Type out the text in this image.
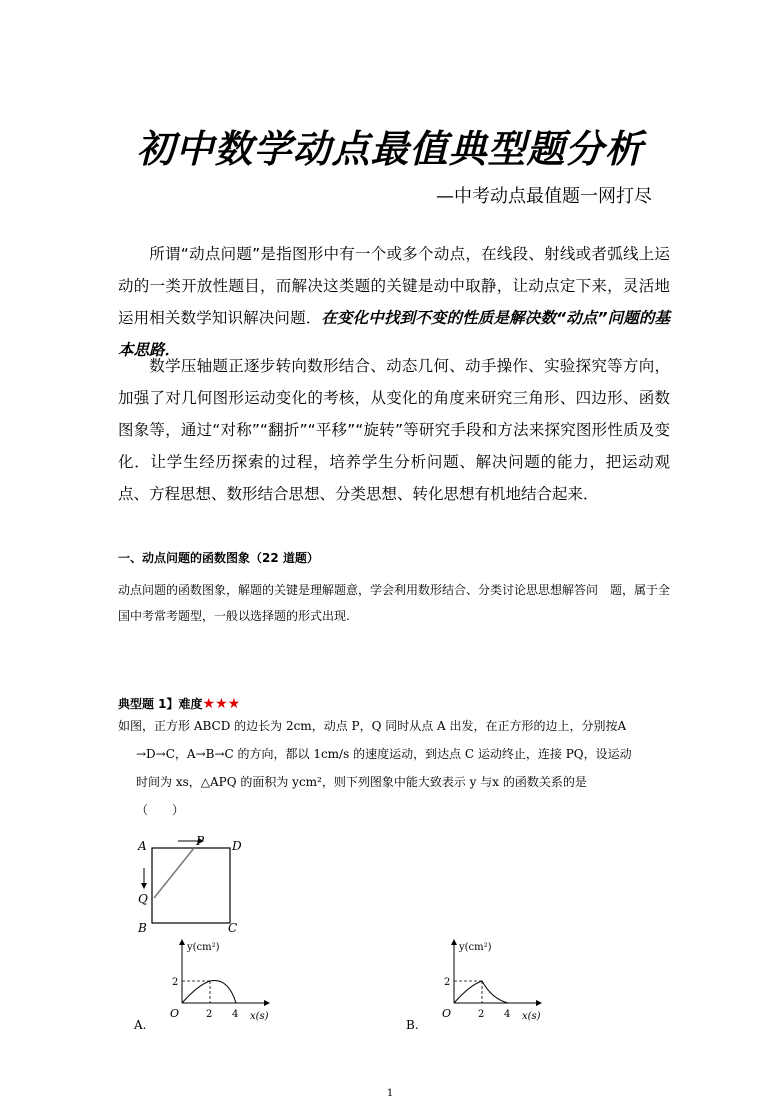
初中数学动点最值典型题分析
—中考动点最值题一网打尽
所谓“动点问题”是指图形中有一个或多个动点，在线段、射线或者弧线上运动的一类开放性题目，而解决这类题的关键是动中取静，让动点定下来，灵活地运用相关数学知识解决问题．在变化中找到不变的性质是解决数“动点”问题的基本思路．
数学压轴题正逐步转向数形结合、动态几何、动手操作、实验探究等方向，加强了对几何图形运动变化的考核，从变化的角度来研究三角形、四边形、函数图象等，通过“对称”“翻折”“平移”“旋转”等研究手段和方法来探究图形性质及变化．让学生经历探索的过程，培养学生分析问题、解决问题的能力，把运动观点、方程思想、数形结合思想、分类思想、转化思想有机地结合起来．
一、动点问题的函数图象（22 道题）
动点问题的函数图象，解题的关键是理解题意，学会利用数形结合、分类讨论思思想解答问　题，属于全国中考常考题型，一般以选择题的形式出现.
典型题 1】难度★★★
如图，正方形 ABCD 的边长为 2cm，动点 P，Q 同时从点 A 出发，在正方形的边上，分别按A
→D→C，A→B→C 的方向，都以 1cm/s 的速度运动，到达点 C 运动终止，连接 PQ，设运动
时间为 xs，△APQ 的面积为 ycm²，则下列图象中能大致表示 y 与x 的函数关系的是
（　　）
A	D
P
Q
B	C
y(cm²)
x(s)
O
2
2 4
A.
y(cm²)
x(s)
O
2
2 4
B.
1
